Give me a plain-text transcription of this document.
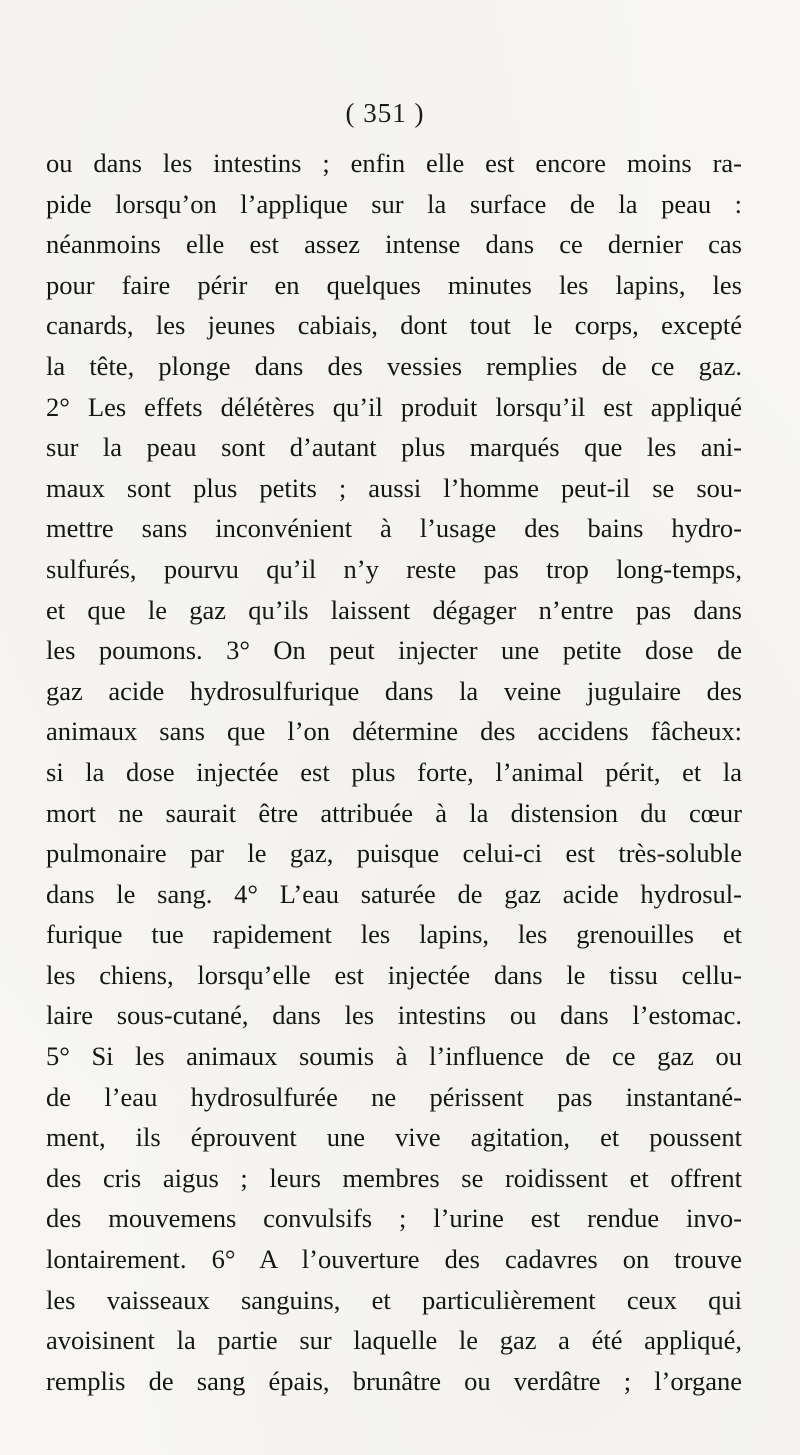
( 351 )
ou dans les intestins ; enfin elle est encore moins ra-
pide lorsqu’on l’applique sur la surface de la peau :
néanmoins elle est assez intense dans ce dernier cas
pour faire périr en quelques minutes les lapins, les
canards, les jeunes cabiais, dont tout le corps, excepté
la tête, plonge dans des vessies remplies de ce gaz.
2° Les effets délétères qu’il produit lorsqu’il est appliqué
sur la peau sont d’autant plus marqués que les ani-
maux sont plus petits ; aussi l’homme peut-il se sou-
mettre sans inconvénient à l’usage des bains hydro-
sulfurés, pourvu qu’il n’y reste pas trop long-temps,
et que le gaz qu’ils laissent dégager n’entre pas dans
les poumons. 3° On peut injecter une petite dose de
gaz acide hydrosulfurique dans la veine jugulaire des
animaux sans que l’on détermine des accidens fâcheux:
si la dose injectée est plus forte, l’animal périt, et la
mort ne saurait être attribuée à la distension du cœur
pulmonaire par le gaz, puisque celui-ci est très-soluble
dans le sang. 4° L’eau saturée de gaz acide hydrosul-
furique tue rapidement les lapins, les grenouilles et
les chiens, lorsqu’elle est injectée dans le tissu cellu-
laire sous-cutané, dans les intestins ou dans l’estomac.
5° Si les animaux soumis à l’influence de ce gaz ou
de l’eau hydrosulfurée ne périssent pas instantané-
ment, ils éprouvent une vive agitation, et poussent
des cris aigus ; leurs membres se roidissent et offrent
des mouvemens convulsifs ; l’urine est rendue invo-
lontairement. 6° A l’ouverture des cadavres on trouve
les vaisseaux sanguins, et particulièrement ceux qui
avoisinent la partie sur laquelle le gaz a été appliqué,
remplis de sang épais, brunâtre ou verdâtre ; l’organe
